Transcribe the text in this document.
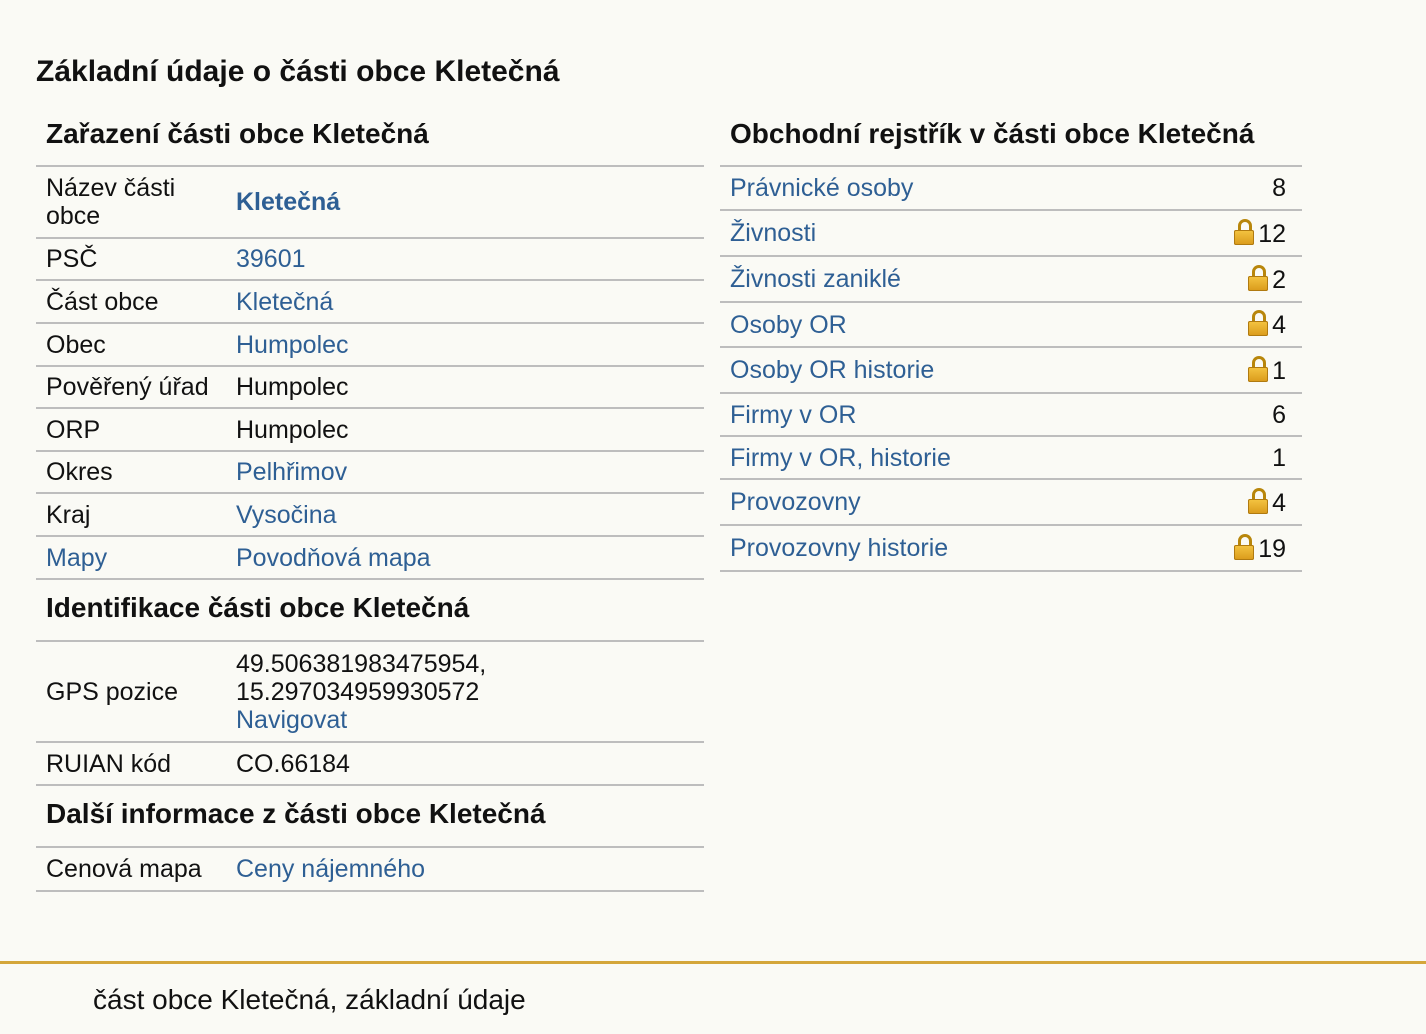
Základní údaje o části obce Kletečná
Zařazení části obce Kletečná
Název části obce	Kletečná
PSČ	39601
Část obce	Kletečná
Obec	Humpolec
Pověřený úřad	Humpolec
ORP	Humpolec
Okres	Pelhřimov
Kraj	Vysočina
Mapy	Povodňová mapa
Identifikace části obce Kletečná
GPS pozice	49.506381983475954,
15.297034959930572
Navigovat
RUIAN kód	CO.66184
Další informace z části obce Kletečná
Cenová mapa	Ceny nájemného
Obchodní rejstřík v části obce Kletečná
Právnické osoby	8
Živnosti	12
Živnosti zaniklé	2
Osoby OR	4
Osoby OR historie	1
Firmy v OR	6
Firmy v OR, historie	1
Provozovny	4
Provozovny historie	19
část obce Kletečná, základní údaje
